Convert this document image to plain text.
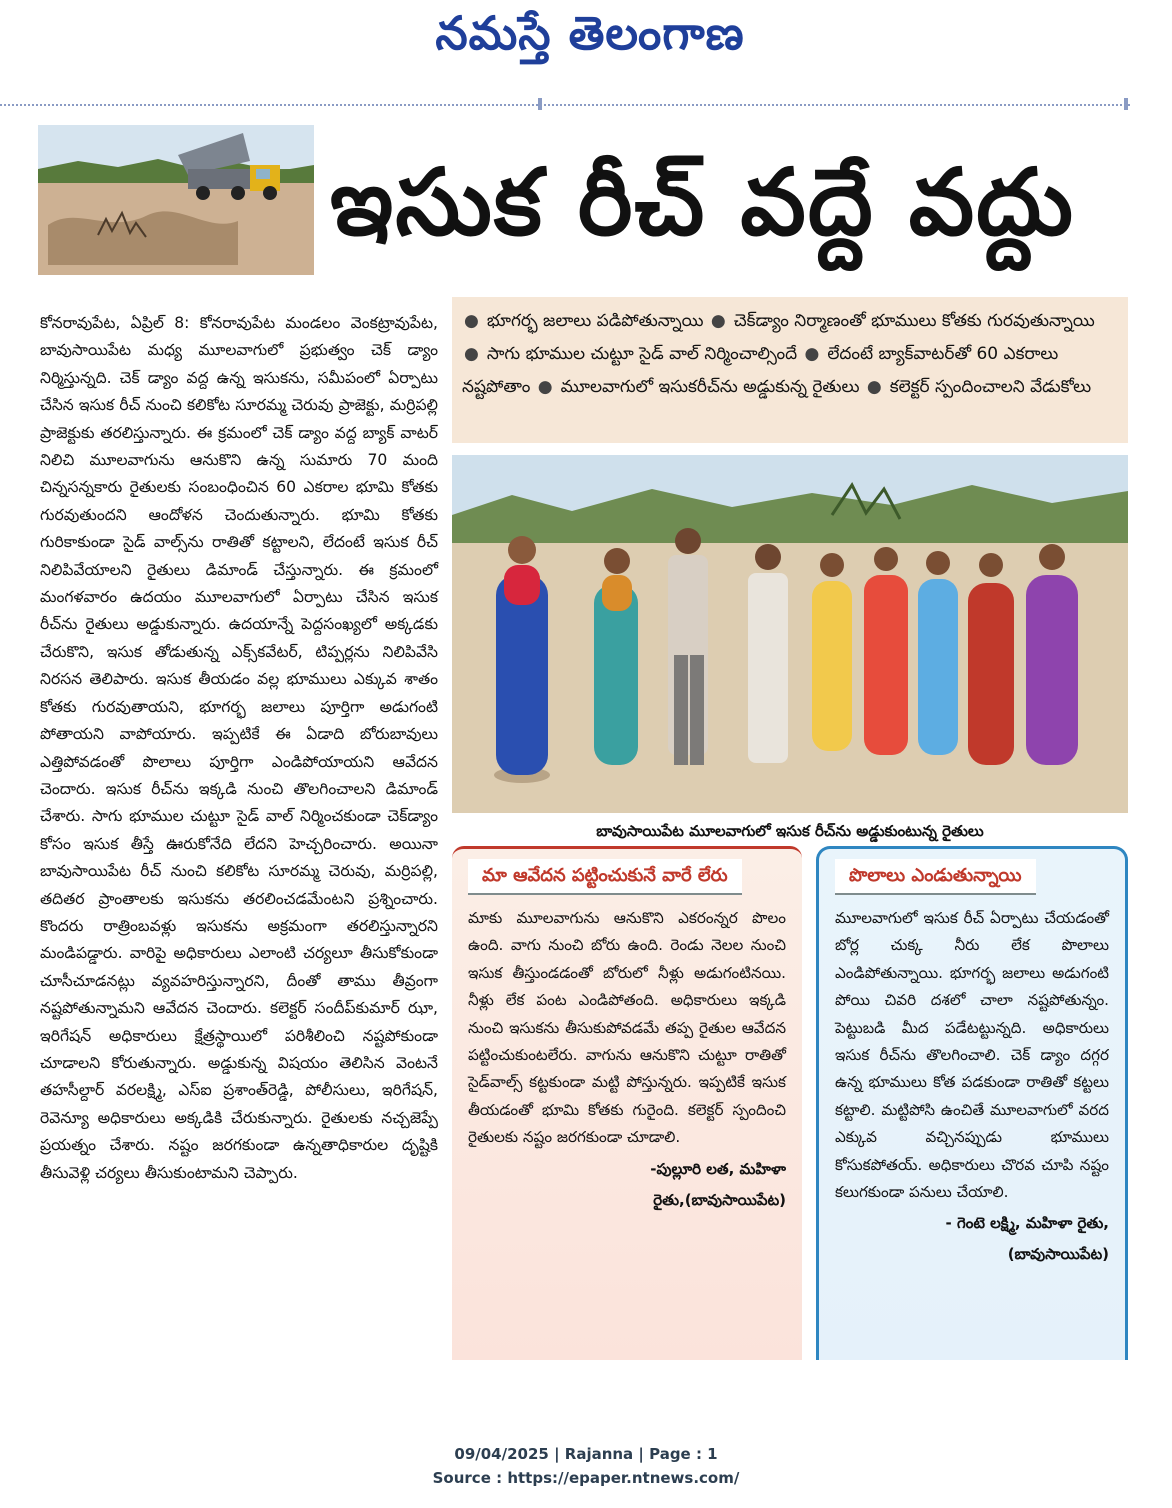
నమస్తే తెలంగాణ
ఇసుక రీచ్ వద్దే వద్దు
కోనరావుపేట, ఏప్రిల్ 8: కోనరావుపేట మండలం వెంకట్రావుపేట, బావుసాయిపేట మధ్య మూలవాగులో ప్రభుత్వం చెక్ డ్యాం నిర్మిస్తున్నది. చెక్ డ్యాం వద్ద ఉన్న ఇసుకను, సమీపంలో ఏర్పాటు చేసిన ఇసుక రీచ్ నుంచి కలికోట సూరమ్మ చెరువు ప్రాజెక్టు, మర్రిపల్లి ప్రాజెక్టుకు తరలిస్తున్నారు. ఈ క్రమంలో చెక్ డ్యాం వద్ద బ్యాక్ వాటర్ నిలిచి మూలవాగును ఆనుకొని ఉన్న సుమారు 70 మంది చిన్నసన్నకారు రైతులకు సంబంధించిన 60 ఎకరాల భూమి కోతకు గురవుతుందని ఆందోళన చెందుతున్నారు. భూమి కోతకు గురికాకుండా సైడ్ వాల్స్‌ను రాతితో కట్టాలని, లేదంటే ఇసుక రీచ్ నిలిపివేయాలని రైతులు డిమాండ్ చేస్తున్నారు. ఈ క్రమంలో మంగళవారం ఉదయం మూలవాగులో ఏర్పాటు చేసిన ఇసుక రీచ్‌ను రైతులు అడ్డుకున్నారు. ఉదయాన్నే పెద్దసంఖ్యలో అక్కడకు చేరుకొని, ఇసుక తోడుతున్న ఎక్స్‌కవేటర్, టిప్పర్లను నిలిపివేసి నిరసన తెలిపారు. ఇసుక తీయడం వల్ల భూములు ఎక్కువ శాతం కోతకు గురవుతాయని, భూగర్భ జలాలు పూర్తిగా అడుగంటి పోతాయని వాపోయారు. ఇప్పటికే ఈ ఏడాది బోరుబావులు ఎత్తిపోవడంతో పొలాలు పూర్తిగా ఎండిపోయాయని ఆవేదన చెందారు. ఇసుక రీచ్‌ను ఇక్కడి నుంచి తొలగించాలని డిమాండ్ చేశారు. సాగు భూముల చుట్టూ సైడ్ వాల్ నిర్మించకుండా చెక్‌డ్యాం కోసం ఇసుక తీస్తే ఊరుకోనేది లేదని హెచ్చరించారు. అయినా బావుసాయిపేట రీచ్ నుంచి కలికోట సూరమ్మ చెరువు, మర్రిపల్లి, తదితర ప్రాంతాలకు ఇసుకను తరలించడమేంటని ప్రశ్నించారు. కొందరు రాత్రింబవళ్లు ఇసుకను అక్రమంగా తరలిస్తున్నారని మండిపడ్డారు. వారిపై అధికారులు ఎలాంటి చర్యలూ తీసుకోకుండా చూసీచూడనట్లు వ్యవహరిస్తున్నారని, దీంతో తాము తీవ్రంగా నష్టపోతున్నామని ఆవేదన చెందారు. కలెక్టర్ సందీప్‌కుమార్ ఝా, ఇరిగేషన్ అధికారులు క్షేత్రస్థాయిలో పరిశీలించి నష్టపోకుండా చూడాలని కోరుతున్నారు. అడ్డుకున్న విషయం తెలిసిన వెంటనే తహసీల్దార్ వరలక్ష్మి, ఎస్ఐ ప్రశాంత్‌రెడ్డి, పోలీసులు, ఇరిగేషన్, రెవెన్యూ అధికారులు అక్కడికి చేరుకున్నారు. రైతులకు నచ్చజెప్పే ప్రయత్నం చేశారు. నష్టం జరగకుండా ఉన్నతాధికారుల దృష్టికి తీసువెళ్లి చర్యలు తీసుకుంటామని చెప్పారు.
● భూగర్భ జలాలు పడిపోతున్నాయి ● చెక్‌డ్యాం నిర్మాణంతో భూములు కోతకు గురవుతున్నాయి ● సాగు భూముల చుట్టూ సైడ్ వాల్ నిర్మించాల్సిందే ● లేదంటే బ్యాక్‌వాటర్‌తో 60 ఎకరాలు నష్టపోతాం ● మూలవాగులో ఇసుకరీచ్‌ను అడ్డుకున్న రైతులు ● కలెక్టర్ స్పందించాలని వేడుకోలు
బావుసాయిపేట మూలవాగులో ఇసుక రీచ్‌ను అడ్డుకుంటున్న రైతులు
మా ఆవేదన పట్టించుకునే వారే లేరు
మాకు మూలవాగును ఆనుకొని ఎకరంన్నర పొలం ఉంది. వాగు నుంచి బోరు ఉంది. రెండు నెలల నుంచి ఇసుక తీస్తుండడంతో బోరులో నీళ్లు అడుగంటినయి. నీళ్లు లేక పంట ఎండిపోతంది. అధికారులు ఇక్కడి నుంచి ఇసుకను తీసుకుపోవడమే తప్ప రైతుల ఆవేదన పట్టించుకుంటలేరు. వాగును ఆనుకొని చుట్టూ రాతితో సైడ్‌వాల్స్ కట్టకుండా మట్టి పోస్తున్నరు. ఇప్పటికే ఇసుక తీయడంతో భూమి కోతకు గురైంది. కలెక్టర్ స్పందించి రైతులకు నష్టం జరగకుండా చూడాలి.
-పుల్లూరి లత, మహిళా
రైతు,(బావుసాయిపేట)
పొలాలు ఎండుతున్నాయి
మూలవాగులో ఇసుక రీచ్ ఏర్పాటు చేయడంతో బోర్ల చుక్క నీరు లేక పొలాలు ఎండిపోతున్నాయి. భూగర్భ జలాలు అడుగంటి పోయి చివరి దశలో చాలా నష్టపోతున్నం. పెట్టుబడి మీద పడేటట్టున్నది. అధికారులు ఇసుక రీచ్‌ను తొలగించాలి. చెక్ డ్యాం దగ్గర ఉన్న భూములు కోత పడకుండా రాతితో కట్టలు కట్టాలి. మట్టిపోసి ఉంచితే మూలవాగులో వరద ఎక్కువ వచ్చినప్పుడు భూములు కోసుకపోతయ్. అధికారులు చొరవ చూపి నష్టం కలుగకుండా పనులు చేయాలి.
- గెంటె లక్ష్మి, మహిళా రైతు,
(బావుసాయిపేట)
09/04/2025 | Rajanna | Page : 1
Source : https://epaper.ntnews.com/
